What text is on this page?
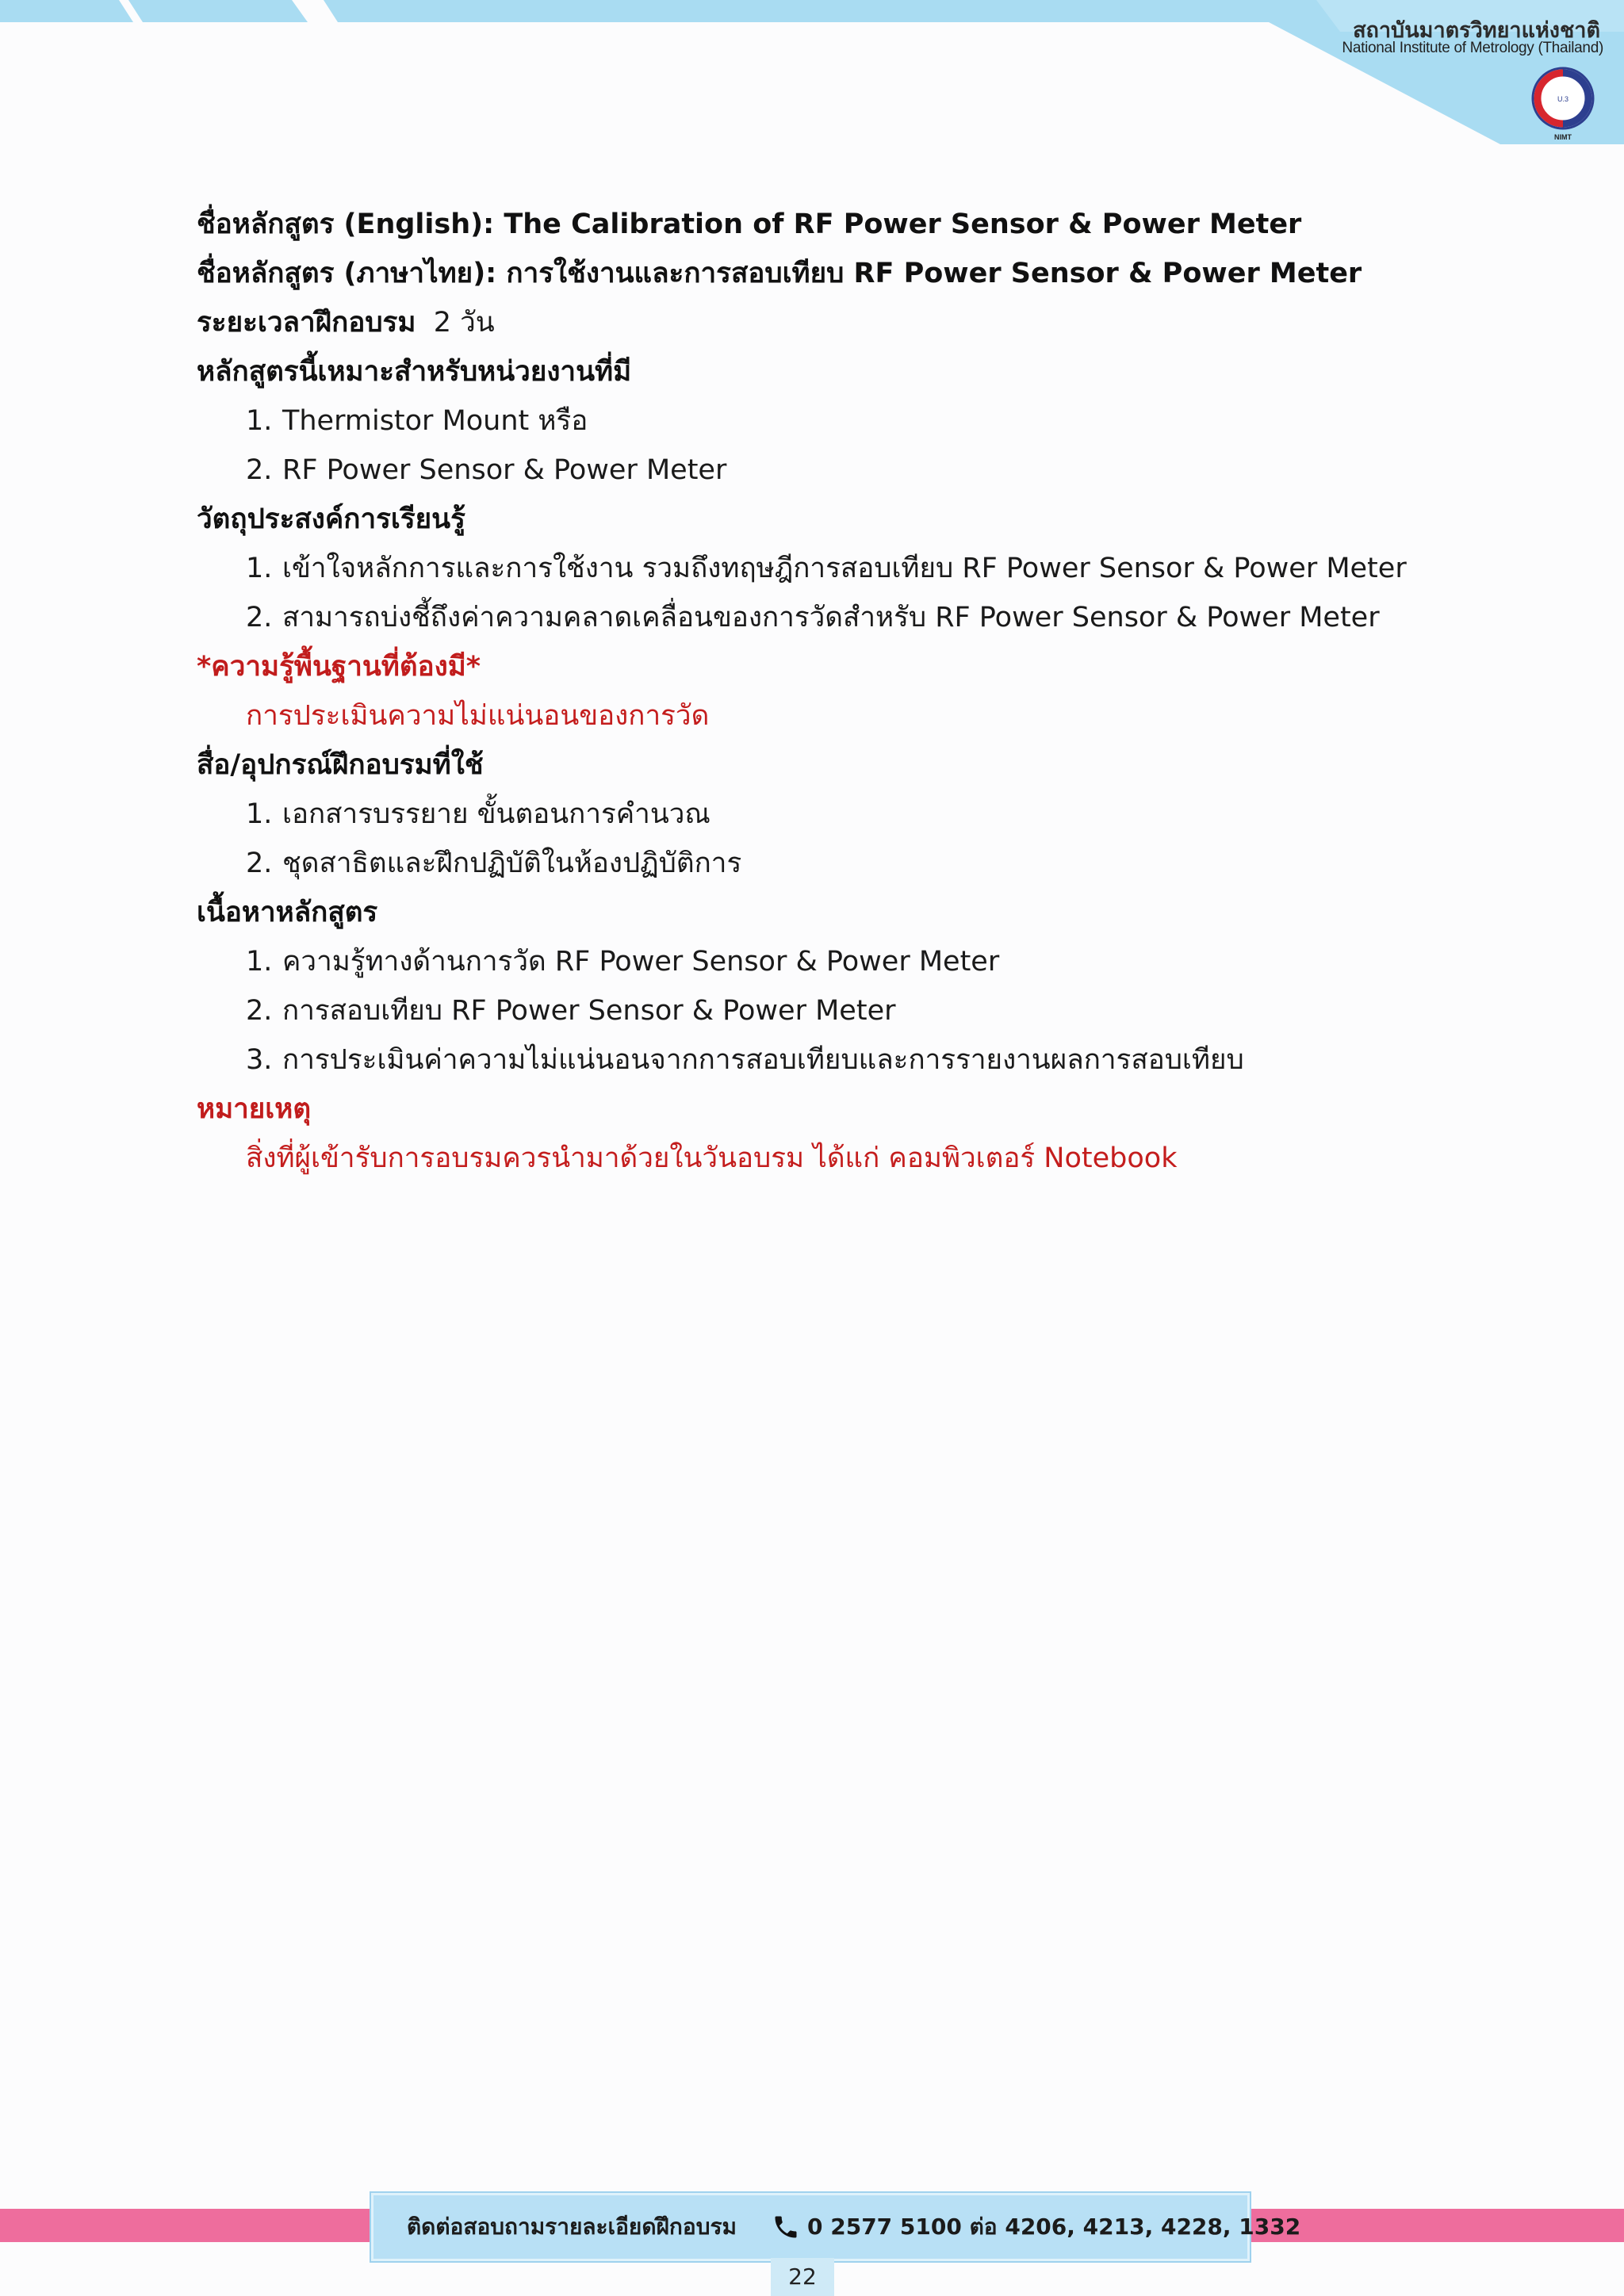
สถาบันมาตรวิทยาแห่งชาติ
National Institute of Metrology (Thailand)
U.3
NIMT
ชื่อหลักสูตร (English): The Calibration of RF Power Sensor & Power Meter
ชื่อหลักสูตร (ภาษาไทย): การใช้งานและการสอบเทียบ RF Power Sensor & Power Meter
ระยะเวลาฝึกอบรม 2 วัน
หลักสูตรนี้เหมาะสำหรับหน่วยงานที่มี
1. Thermistor Mount หรือ
2. RF Power Sensor & Power Meter
วัตถุประสงค์การเรียนรู้
1. เข้าใจหลักการและการใช้งาน รวมถึงทฤษฎีการสอบเทียบ RF Power Sensor & Power Meter
2. สามารถบ่งชี้ถึงค่าความคลาดเคลื่อนของการวัดสำหรับ RF Power Sensor & Power Meter
*ความรู้พื้นฐานที่ต้องมี*
การประเมินความไม่แน่นอนของการวัด
สื่อ/อุปกรณ์ฝึกอบรมที่ใช้
1. เอกสารบรรยาย ขั้นตอนการคำนวณ
2. ชุดสาธิตและฝึกปฏิบัติในห้องปฏิบัติการ
เนื้อหาหลักสูตร
1. ความรู้ทางด้านการวัด RF Power Sensor & Power Meter
2. การสอบเทียบ RF Power Sensor & Power Meter
3. การประเมินค่าความไม่แน่นอนจากการสอบเทียบและการรายงานผลการสอบเทียบ
หมายเหตุ
สิ่งที่ผู้เข้ารับการอบรมควรนำมาด้วยในวันอบรม ได้แก่ คอมพิวเตอร์ Notebook
ติดต่อสอบถามรายละเอียดฝึกอบรม	0 2577 5100 ต่อ 4206, 4213, 4228, 1332
22
